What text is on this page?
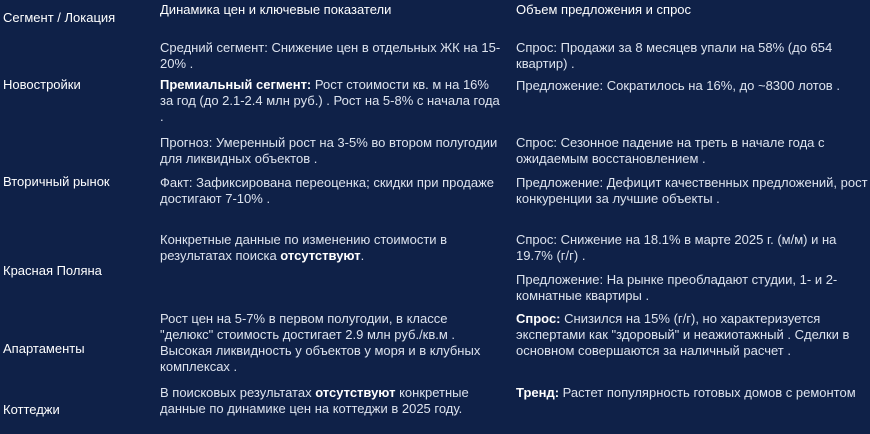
Сегмент / Локация
Динамика цен и ключевые показатели	Объем предложения и спрос
Новостройки
Средний сегмент: Снижение цен в отдельных ЖК на 15-20% .
Премиальный сегмент: Рост стоимости кв. м на 16% за год (до 2.1-2.4 млн руб.) . Рост на 5-8% с начала года .
Спрос: Продажи за 8 месяцев упали на 58% (до 654 квартир) .
Предложение: Сократилось на 16%, до ~8300 лотов .
Вторичный рынок
Прогноз: Умеренный рост на 3-5% во втором полугодии для ликвидных объектов .
Факт: Зафиксирована переоценка; скидки при продаже достигают 7-10% .
Спрос: Сезонное падение на треть в начале года с ожидаемым восстановлением .
Предложение: Дефицит качественных предложений, рост конкуренции за лучшие объекты .
Красная Поляна
Конкретные данные по изменению стоимости в результатах поиска отсутствуют.
Спрос: Снижение на 18.1% в марте 2025 г. (м/м) и на 19.7% (г/г) .
Предложение: На рынке преобладают студии, 1- и 2-комнатные квартиры .
Апартаменты
Рост цен на 5-7% в первом полугодии, в классе "делюкс" стоимость достигает 2.9 млн руб./кв.м . Высокая ликвидность у объектов у моря и в клубных комплексах .
Спрос: Снизился на 15% (г/г), но характеризуется экспертами как "здоровый" и неажиотажный . Сделки в основном совершаются за наличный расчет .
Коттеджи
В поисковых результатах отсутствуют конкретные данные по динамике цен на коттеджи в 2025 году.
Тренд: Растет популярность готовых домов с ремонтом
